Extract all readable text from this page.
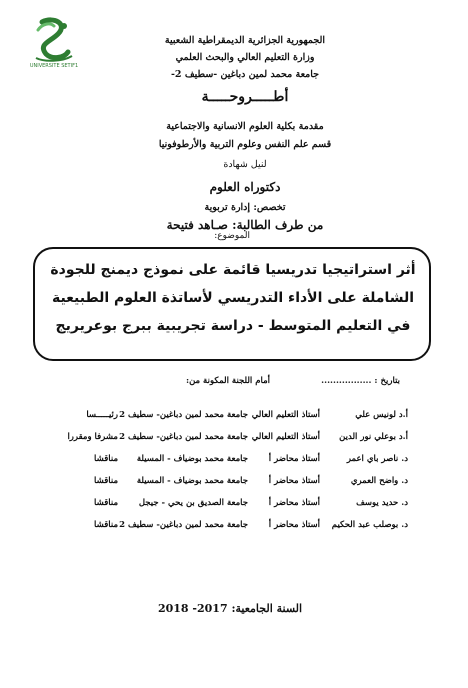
UNIVERSITE SETIF1
الجمهورية الجزائرية الديمقراطية الشعبية
وزارة التعليم العالي والبحث العلمي
جامعة محمد لمين دباغين -سطيف 2-
أطـــــروحـــــة
مقدمة بكلية العلوم الانسانية والاجتماعية
قسم علم النفس وعلوم التربية والأرطوفونيا
لنيل شهادة
دكتوراه العلوم
تخصص: إدارة تربوية
من طرف الطالبة: صـاهد فتيحة
الموضوع:
أثر استراتيجيا تدريسيا قائمة على نموذج ديمنج للجودة الشاملة على الأداء التدريسي لأساتذة العلوم الطبيعية في التعليم المتوسط - دراسة تجريبية ببرج بوعريريج
بتاريخ : .................
أمام اللجنة المكونة من:
أ.د لونيس علي
أستاذ التعليم العالي
جامعة محمد لمين دباغين- سطيف 2
رئيـــــسا
أ.د بوعلي نور الدين
أستاذ التعليم العالي
جامعة محمد لمين دباغين- سطيف 2
مشرفا ومقررا
د. ناصر باي اعمر
أستاذ محاضر أ
جامعة محمد بوضياف - المسيلة
مناقشا
د. واضح العمري
أستاذ محاضر أ
جامعة محمد بوضياف - المسيلة
مناقشا
د. حديد يوسف
أستاذ محاضر أ
جامعة الصديق بن يحي - جيجل
مناقشا
د. بوصلب عبد الحكيم
أستاذ محاضر أ
جامعة محمد لمين دباغين- سطيف 2
مناقشا
السنة الجامعية: 2017- 2018
